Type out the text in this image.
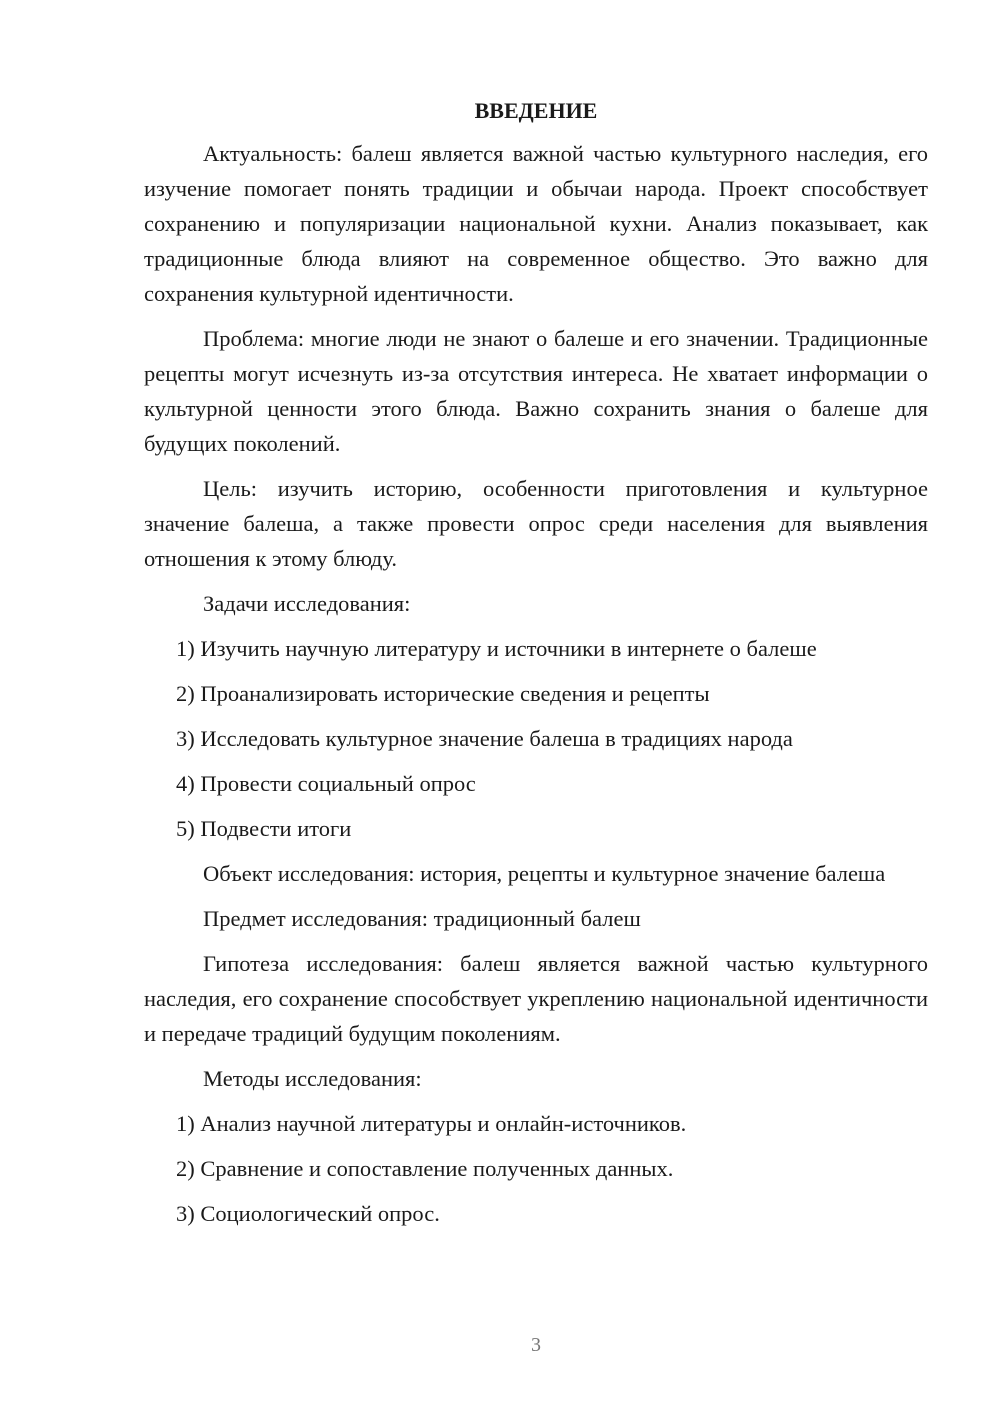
ВВЕДЕНИЕ

Актуальность: балеш является важной частью культурного наследия, его изучение помогает понять традиции и обычаи народа. Проект способствует сохранению и популяризации национальной кухни. Анализ показывает, как традиционные блюда влияют на современное общество. Это важно для сохранения культурной идентичности.

Проблема: многие люди не знают о балеше и его значении. Традиционные рецепты могут исчезнуть из-за отсутствия интереса. Не хватает информации о культурной ценности этого блюда. Важно сохранить знания о балеше для будущих поколений.

Цель: изучить историю, особенности приготовления и культурное значение балеша, а также провести опрос среди населения для выявления отношения к этому блюду.

Задачи исследования:

1) Изучить научную литературу и источники в интернете о балеше
2) Проанализировать исторические сведения и рецепты
3) Исследовать культурное значение балеша в традициях народа
4) Провести социальный опрос
5) Подвести итоги

Объект исследования: история, рецепты и культурное значение балеша

Предмет исследования: традиционный балеш

Гипотеза исследования: балеш является важной частью культурного наследия, его сохранение способствует укреплению национальной идентичности и передаче традиций будущим поколениям.

Методы исследования:

1) Анализ научной литературы и онлайн-источников.
2) Сравнение и сопоставление полученных данных.
3) Социологический опрос.
3
